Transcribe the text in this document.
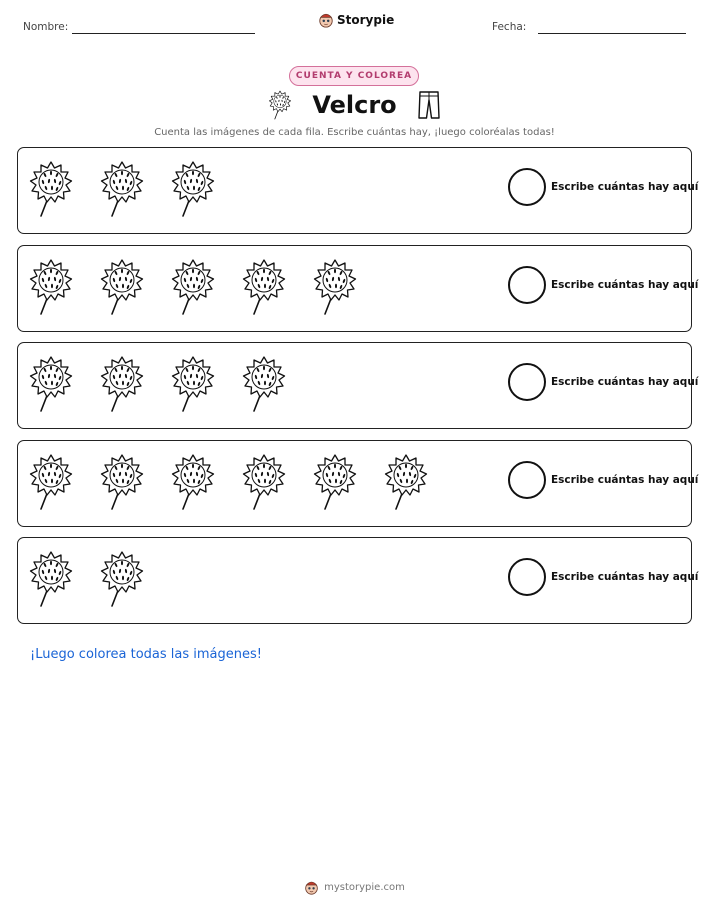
Nombre:	Storypie	Fecha:
CUENTA Y COLOREA
Velcro
Cuenta las imágenes de cada fila. Escribe cuántas hay, ¡luego coloréalas todas!
Escribe cuántas hay aquí
Escribe cuántas hay aquí
Escribe cuántas hay aquí
Escribe cuántas hay aquí
Escribe cuántas hay aquí
¡Luego colorea todas las imágenes!
mystorypie.com
